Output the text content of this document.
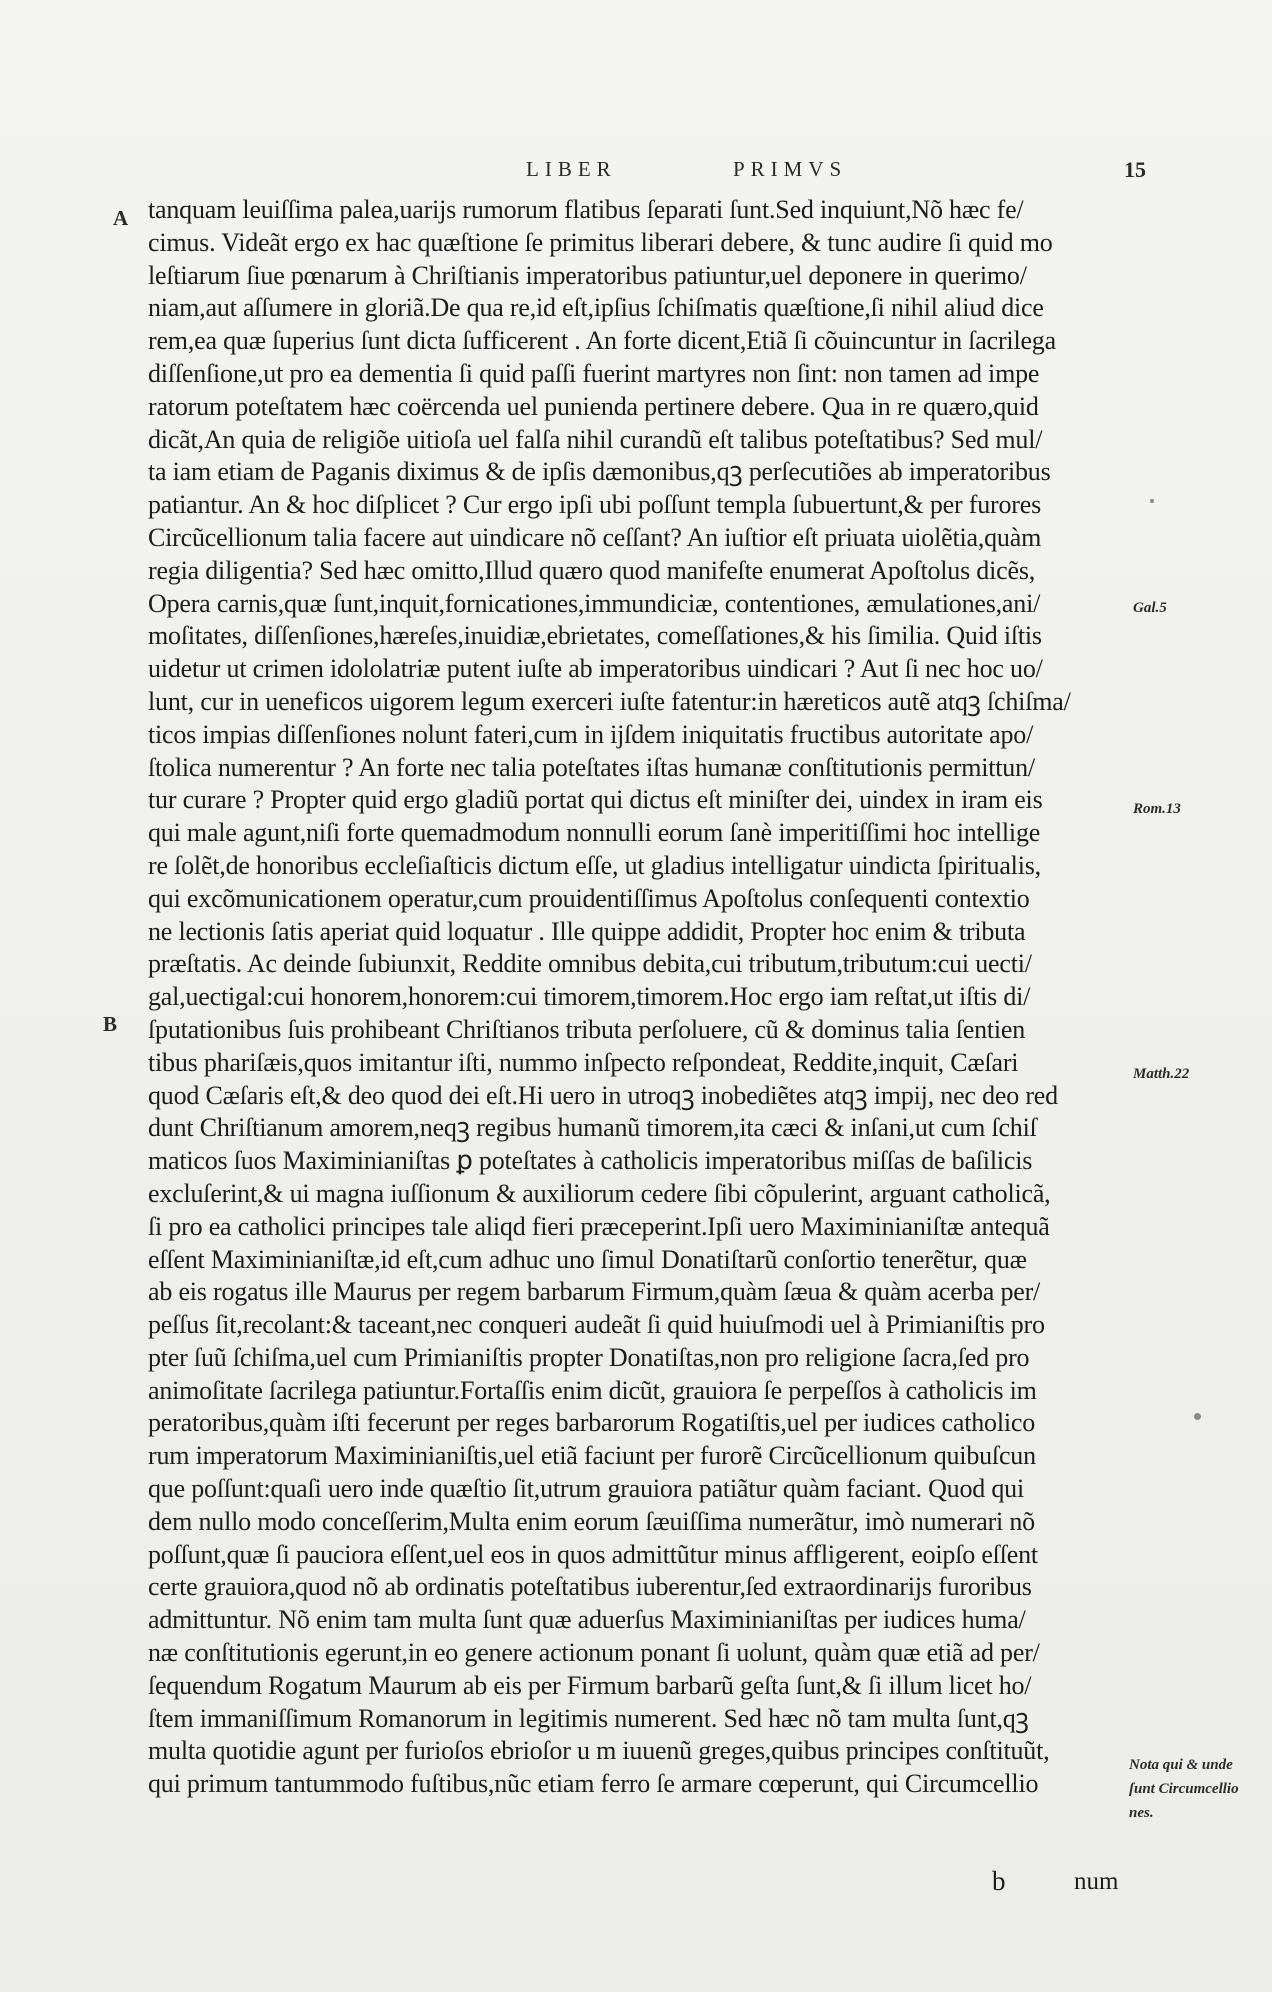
LIBER	PRIMVS	15
A
B
tanquam leuiſſima palea,uarijs rumorum flatibus ſeparati ſunt.Sed inquiunt,Nõ hæc fe/
cimus. Videãt ergo ex hac quæſtione ſe primitus liberari debere, & tunc audire ſi quid mo
leſtiarum ſiue pœnarum à Chriſtianis imperatoribus patiuntur,uel deponere in querimo/
niam,aut aſſumere in gloriã.De qua re,id eſt,ipſius ſchiſmatis quæſtione,ſi nihil aliud dice
rem,ea quæ ſuperius ſunt dicta ſufficerent . An forte dicent,Etiã ſi cõuincuntur in ſacrilega
diſſenſione,ut pro ea dementia ſi quid paſſi fuerint martyres non ſint: non tamen ad impe
ratorum poteſtatem hæc coërcenda uel punienda pertinere debere. Qua in re quæro,quid
dicãt,An quia de religiõe uitioſa uel falſa nihil curandũ eſt talibus poteſtatibus? Sed mul/
ta iam etiam de Paganis diximus & de ipſis dæmonibus,qꝫ perſecutiões ab imperatoribus
patiantur. An & hoc diſplicet ? Cur ergo ipſi ubi poſſunt templa ſubuertunt,& per furores
Circũcellionum talia facere aut uindicare nõ ceſſant? An iuſtior eſt priuata uiolẽtia,quàm
regia diligentia? Sed hæc omitto,Illud quæro quod manifeſte enumerat Apoſtolus dicẽs,
Opera carnis,quæ ſunt,inquit,fornicationes,immundiciæ, contentiones, æmulationes,ani/
moſitates, diſſenſiones,hæreſes,inuidiæ,ebrietates, comeſſationes,& his ſimilia. Quid iſtis
uidetur ut crimen idololatriæ putent iuſte ab imperatoribus uindicari ? Aut ſi nec hoc uo/
lunt, cur in ueneficos uigorem legum exerceri iuſte fatentur:in hæreticos autẽ atqꝫ ſchiſma/
ticos impias diſſenſiones nolunt fateri,cum in ijſdem iniquitatis fructibus autoritate apo/
ſtolica numerentur ? An forte nec talia poteſtates iſtas humanæ conſtitutionis permittun/
tur curare ? Propter quid ergo gladiũ portat qui dictus eſt miniſter dei, uindex in iram eis
qui male agunt,niſi forte quemadmodum nonnulli eorum ſanè imperitiſſimi hoc intellige
re ſolẽt,de honoribus eccleſiaſticis dictum eſſe, ut gladius intelligatur uindicta ſpiritualis,
qui excõmunicationem operatur,cum prouidentiſſimus Apoſtolus conſequenti contextio
ne lectionis ſatis aperiat quid loquatur . Ille quippe addidit, Propter hoc enim & tributa
præſtatis. Ac deinde ſubiunxit, Reddite omnibus debita,cui tributum,tributum:cui uecti/
gal,uectigal:cui honorem,honorem:cui timorem,timorem.Hoc ergo iam reſtat,ut iſtis di/
ſputationibus ſuis prohibeant Chriſtianos tributa perſoluere, cũ & dominus talia ſentien
tibus phariſæis,quos imitantur iſti, nummo inſpecto reſpondeat, Reddite,inquit, Cæſari
quod Cæſaris eſt,& deo quod dei eſt.Hi uero in utroqꝫ inobediẽtes atqꝫ impij, nec deo red
dunt Chriſtianum amorem,neqꝫ regibus humanũ timorem,ita cæci & inſani,ut cum ſchiſ
maticos ſuos Maximinianiſtas ꝑ poteſtates à catholicis imperatoribus miſſas de baſilicis
excluſerint,& ui magna iuſſionum & auxiliorum cedere ſibi cõpulerint, arguant catholicã,
ſi pro ea catholici principes tale aliqd fieri præceperint.Ipſi uero Maximinianiſtæ antequã
eſſent Maximinianiſtæ,id eſt,cum adhuc uno ſimul Donatiſtarũ conſortio tenerẽtur, quæ
ab eis rogatus ille Maurus per regem barbarum Firmum,quàm ſæua & quàm acerba per/
peſſus ſit,recolant:& taceant,nec conqueri audeãt ſi quid huiuſmodi uel à Primianiſtis pro
pter ſuũ ſchiſma,uel cum Primianiſtis propter Donatiſtas,non pro religione ſacra,ſed pro
animoſitate ſacrilega patiuntur.Fortaſſis enim dicũt, grauiora ſe perpeſſos à catholicis im
peratoribus,quàm iſti fecerunt per reges barbarorum Rogatiſtis,uel per iudices catholico
rum imperatorum Maximinianiſtis,uel etiã faciunt per furorẽ Circũcellionum quibuſcun
que poſſunt:quaſi uero inde quæſtio ſit,utrum grauiora patiãtur quàm faciant. Quod qui
dem nullo modo conceſſerim,Multa enim eorum ſæuiſſima numerãtur, imò numerari nõ
poſſunt,quæ ſi pauciora eſſent,uel eos in quos admittũtur minus affligerent, eoipſo eſſent
certe grauiora,quod nõ ab ordinatis poteſtatibus iuberentur,ſed extraordinarijs furoribus
admittuntur. Nõ enim tam multa ſunt quæ aduerſus Maximinianiſtas per iudices huma/
næ conſtitutionis egerunt,in eo genere actionum ponant ſi uolunt, quàm quæ etiã ad per/
ſequendum Rogatum Maurum ab eis per Firmum barbarũ geſta ſunt,& ſi illum licet ho/
ſtem immaniſſimum Romanorum in legitimis numerent. Sed hæc nõ tam multa ſunt,qꝫ
multa quotidie agunt per furioſos ebrioſor u m iuuenũ greges,quibus principes conſtituũt,
qui primum tantummodo fuſtibus,nũc etiam ferro ſe armare cœperunt, qui Circumcellio
Gal.5
Rom.13
Matth.22
Nota qui & unde
ſunt Circumcellio
nes.
b	num
